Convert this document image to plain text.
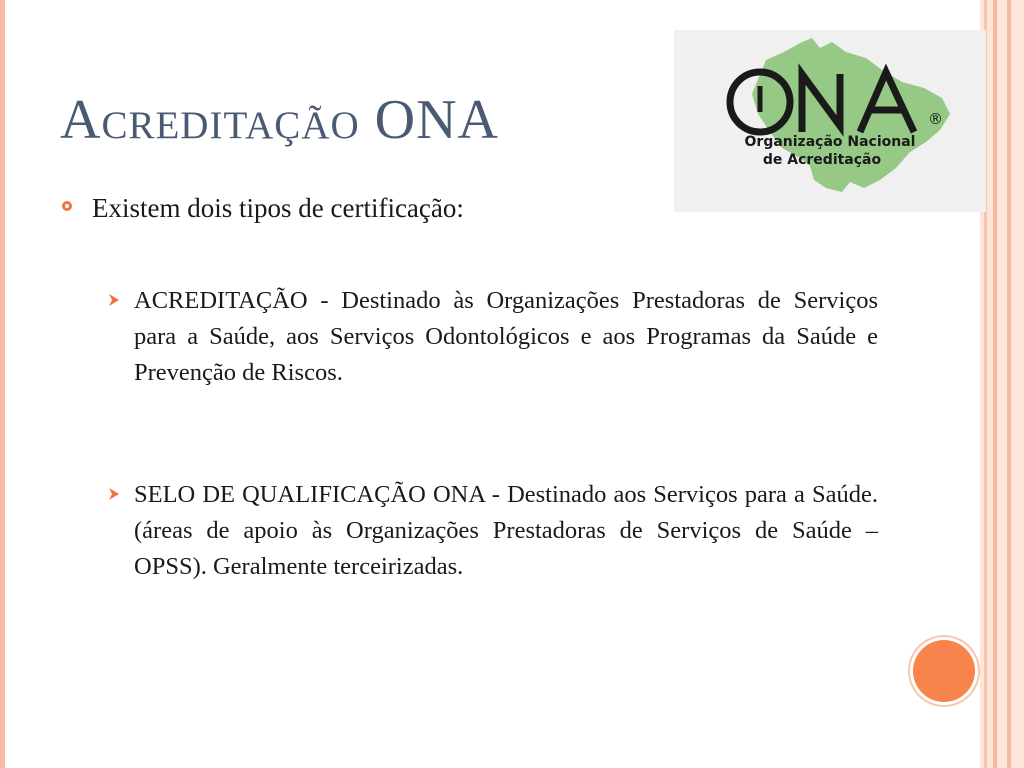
Acreditação ONA	®
Organização Nacional
de Acreditação
Existem dois tipos de certificação:
ACREDITAÇÃO - Destinado às Organizações Prestadoras de Serviços para a Saúde, aos Serviços Odontológicos e aos Programas da Saúde e Prevenção de Riscos.
SELO DE QUALIFICAÇÃO ONA - Destinado aos Serviços para a Saúde. (áreas de apoio às Organizações Prestadoras de Serviços de Saúde – OPSS). Geralmente terceirizadas.
